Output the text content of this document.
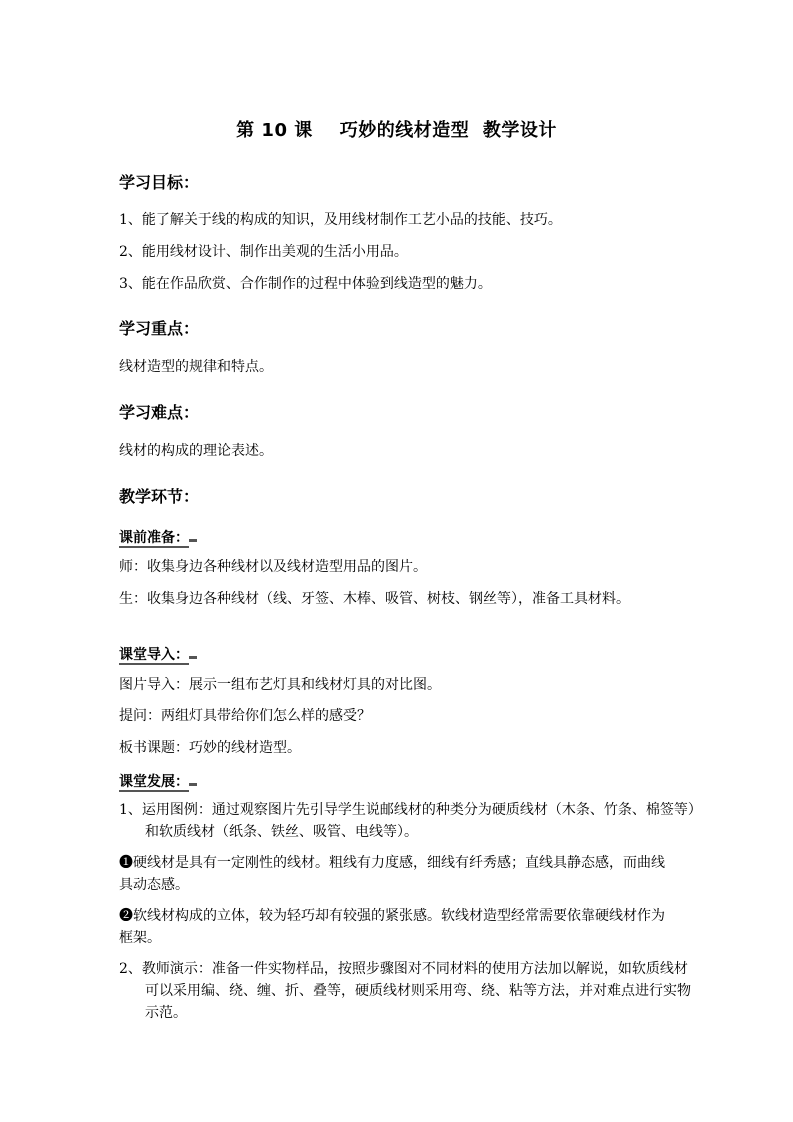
第 10 课    巧妙的线材造型  教学设计
学习目标：
1、能了解关于线的构成的知识，及用线材制作工艺小品的技能、技巧。
2、能用线材设计、制作出美观的生活小用品。
3、能在作品欣赏、合作制作的过程中体验到线造型的魅力。
学习重点：
线材造型的规律和特点。
学习难点：
线材的构成的理论表述。
教学环节：
课前准备：
师：收集身边各种线材以及线材造型用品的图片。
生：收集身边各种线材（线、牙签、木棒、吸管、树枝、钢丝等），准备工具材料。
课堂导入：
图片导入：展示一组布艺灯具和线材灯具的对比图。
提问：两组灯具带给你们怎么样的感受？
板书课题：巧妙的线材造型。
课堂发展：
1、运用图例：通过观察图片先引导学生说邮线材的种类分为硬质线材（木条、竹条、棉签等）和软质线材（纸条、铁丝、吸管、电线等）。
❶硬线材是具有一定刚性的线材。粗线有力度感，细线有纤秀感；直线具静态感，而曲线具动态感。
❷软线材构成的立体，较为轻巧却有较强的紧张感。软线材造型经常需要依靠硬线材作为框架。
2、教师演示：准备一件实物样品，按照步骤图对不同材料的使用方法加以解说，如软质线材可以采用编、绕、缠、折、叠等，硬质线材则采用弯、绕、粘等方法，并对难点进行实物示范。
